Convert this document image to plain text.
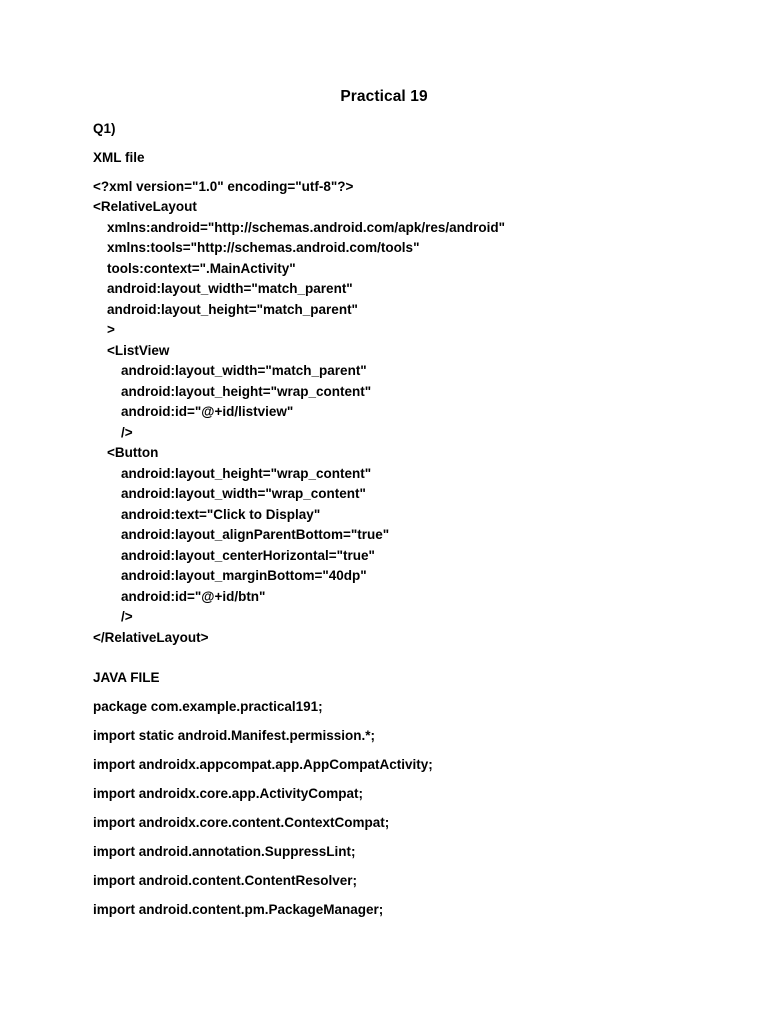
Practical 19
Q1)
XML file
<?xml version="1.0" encoding="utf-8"?>
<RelativeLayout
xmlns:android="http://schemas.android.com/apk/res/android"
xmlns:tools="http://schemas.android.com/tools"
tools:context=".MainActivity"
android:layout_width="match_parent"
android:layout_height="match_parent"
>
<ListView
android:layout_width="match_parent"
android:layout_height="wrap_content"
android:id="@+id/listview"
/>
<Button
android:layout_height="wrap_content"
android:layout_width="wrap_content"
android:text="Click to Display"
android:layout_alignParentBottom="true"
android:layout_centerHorizontal="true"
android:layout_marginBottom="40dp"
android:id="@+id/btn"
/>
</RelativeLayout>
JAVA FILE
package com.example.practical191;
import static android.Manifest.permission.*;
import androidx.appcompat.app.AppCompatActivity;
import androidx.core.app.ActivityCompat;
import androidx.core.content.ContextCompat;
import android.annotation.SuppressLint;
import android.content.ContentResolver;
import android.content.pm.PackageManager;
